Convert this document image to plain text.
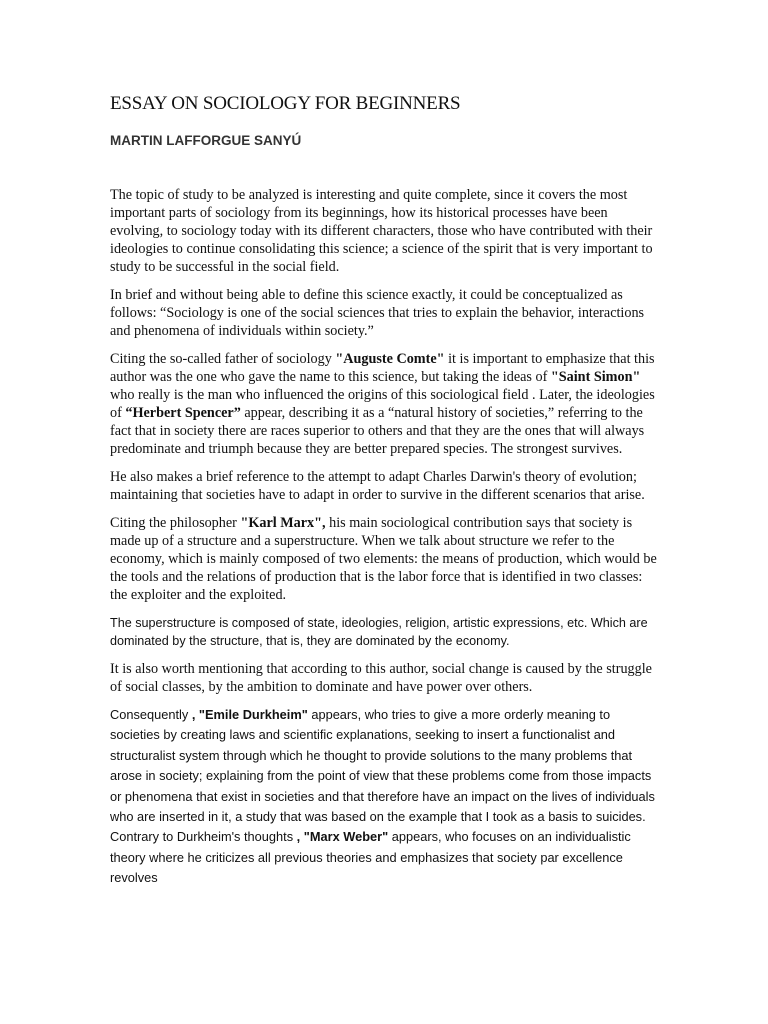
ESSAY ON SOCIOLOGY FOR BEGINNERS
MARTIN LAFFORGUE SANYÚ

The topic of study to be analyzed is interesting and quite complete, since it covers the most important parts of sociology from its beginnings, how its historical processes have been evolving, to sociology today with its different characters, those who have contributed with their ideologies to continue consolidating this science; a science of the spirit that is very important to study to be successful in the social field.

In brief and without being able to define this science exactly, it could be conceptualized as follows: “Sociology is one of the social sciences that tries to explain the behavior, interactions and phenomena of individuals within society.”

Citing the so-called father of sociology "Auguste Comte" it is important to emphasize that this author was the one who gave the name to this science, but taking the ideas of "Saint Simon" who really is the man who influenced the origins of this sociological field . Later, the ideologies of “Herbert Spencer” appear, describing it as a “natural history of societies,” referring to the fact that in society there are races superior to others and that they are the ones that will always predominate and triumph because they are better prepared species. The strongest survives.

He also makes a brief reference to the attempt to adapt Charles Darwin's theory of evolution; maintaining that societies have to adapt in order to survive in the different scenarios that arise.

Citing the philosopher "Karl Marx", his main sociological contribution says that society is made up of a structure and a superstructure. When we talk about structure we refer to the economy, which is mainly composed of two elements: the means of production, which would be the tools and the relations of production that is the labor force that is identified in two classes: the exploiter and the exploited.

The superstructure is composed of state, ideologies, religion, artistic expressions, etc. Which are dominated by the structure, that is, they are dominated by the economy.

It is also worth mentioning that according to this author, social change is caused by the struggle of social classes, by the ambition to dominate and have power over others.

Consequently , "Emile Durkheim" appears, who tries to give a more orderly meaning to societies by creating laws and scientific explanations, seeking to insert a functionalist and structuralist system through which he thought to provide solutions to the many problems that arose in society; explaining from the point of view that these problems come from those impacts or phenomena that exist in societies and that therefore have an impact on the lives of individuals who are inserted in it, a study that was based on the example that I took as a basis to suicides. Contrary to Durkheim's thoughts , "Marx Weber" appears, who focuses on an individualistic theory where he criticizes all previous theories and emphasizes that society par excellence revolves
